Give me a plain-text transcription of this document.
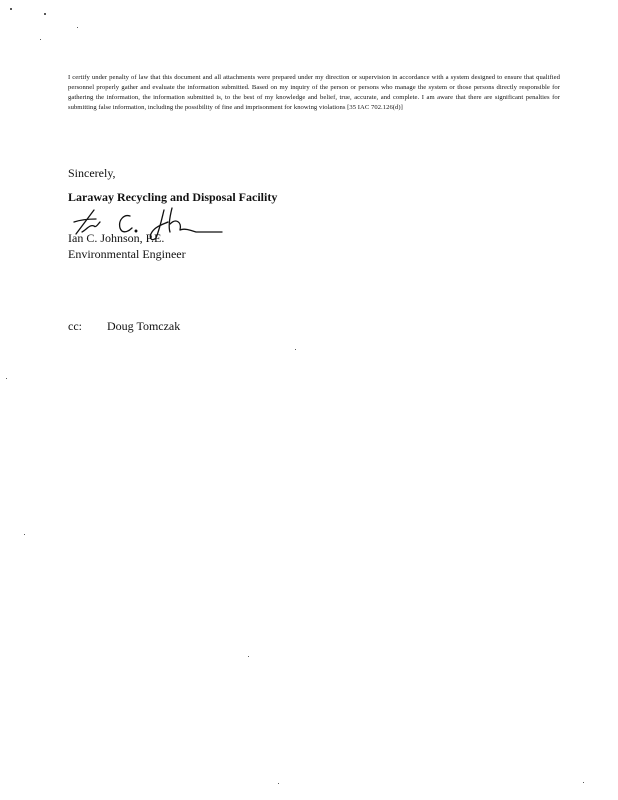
I certify under penalty of law that this document and all attachments were prepared under my direction or supervision in accordance with a system designed to ensure that qualified personnel properly gather and evaluate the information submitted. Based on my inquiry of the person or persons who manage the system or those persons directly responsible for gathering the information, the information submitted is, to the best of my knowledge and belief, true, accurate, and complete. I am aware that there are significant penalties for submitting false information, including the possibility of fine and imprisonment for knowing violations [35 IAC 702.126(d)]

Sincerely,
Laraway Recycling and Disposal Facility
Ian C. Johnson, P.E.
Environmental Engineer
cc: Doug Tomczak
